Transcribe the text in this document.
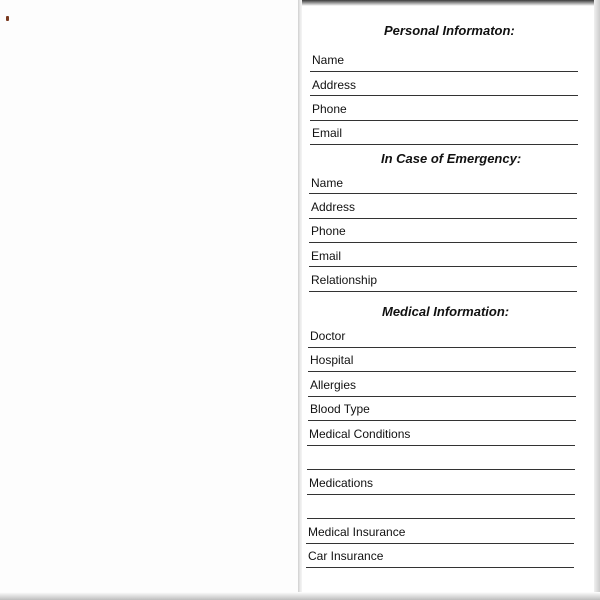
Personal Informaton:
Name
Address
Phone
Email
In Case of Emergency:
Name
Address
Phone
Email
Relationship
Medical Information:
Doctor
Hospital
Allergies
Blood Type
Medical Conditions
Medications
Medical Insurance
Car Insurance
